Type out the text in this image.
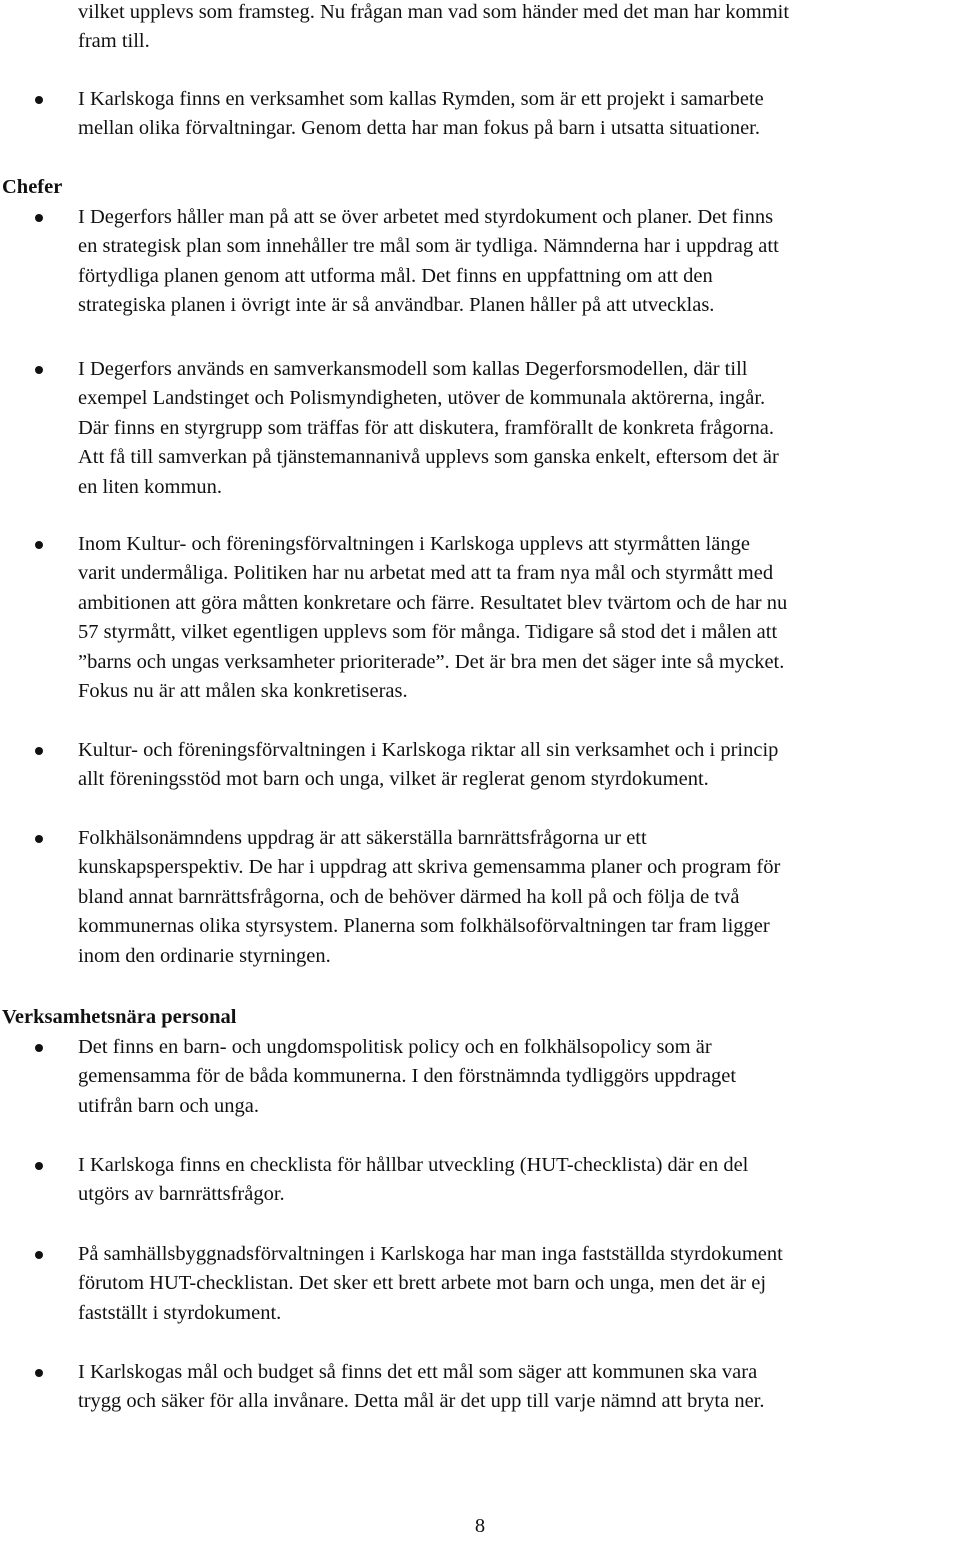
vilket upplevs som framsteg. Nu frågan man vad som händer med det man har kommit
fram till.
I Karlskoga finns en verksamhet som kallas Rymden, som är ett projekt i samarbete
mellan olika förvaltningar. Genom detta har man fokus på barn i utsatta situationer.
Chefer
I Degerfors håller man på att se över arbetet med styrdokument och planer. Det finns
en strategisk plan som innehåller tre mål som är tydliga. Nämnderna har i uppdrag att
förtydliga planen genom att utforma mål. Det finns en uppfattning om att den
strategiska planen i övrigt inte är så användbar. Planen håller på att utvecklas.
I Degerfors används en samverkansmodell som kallas Degerforsmodellen, där till
exempel Landstinget och Polismyndigheten, utöver de kommunala aktörerna, ingår.
Där finns en styrgrupp som träffas för att diskutera, framförallt de konkreta frågorna.
Att få till samverkan på tjänstemannanivå upplevs som ganska enkelt, eftersom det är
en liten kommun.
Inom Kultur- och föreningsförvaltningen i Karlskoga upplevs att styrmåtten länge
varit undermåliga. Politiken har nu arbetat med att ta fram nya mål och styrmått med
ambitionen att göra måtten konkretare och färre. Resultatet blev tvärtom och de har nu
57 styrmått, vilket egentligen upplevs som för många. Tidigare så stod det i målen att
”barns och ungas verksamheter prioriterade”. Det är bra men det säger inte så mycket.
Fokus nu är att målen ska konkretiseras.
Kultur- och föreningsförvaltningen i Karlskoga riktar all sin verksamhet och i princip
allt föreningsstöd mot barn och unga, vilket är reglerat genom styrdokument.
Folkhälsonämndens uppdrag är att säkerställa barnrättsfrågorna ur ett
kunskapsperspektiv. De har i uppdrag att skriva gemensamma planer och program för
bland annat barnrättsfrågorna, och de behöver därmed ha koll på och följa de två
kommunernas olika styrsystem. Planerna som folkhälsoförvaltningen tar fram ligger
inom den ordinarie styrningen.
Verksamhetsnära personal
Det finns en barn- och ungdomspolitisk policy och en folkhälsopolicy som är
gemensamma för de båda kommunerna. I den förstnämnda tydliggörs uppdraget
utifrån barn och unga.
I Karlskoga finns en checklista för hållbar utveckling (HUT-checklista) där en del
utgörs av barnrättsfrågor.
På samhällsbyggnadsförvaltningen i Karlskoga har man inga fastställda styrdokument
förutom HUT-checklistan. Det sker ett brett arbete mot barn och unga, men det är ej
fastställt i styrdokument.
I Karlskogas mål och budget så finns det ett mål som säger att kommunen ska vara
trygg och säker för alla invånare. Detta mål är det upp till varje nämnd att bryta ner.
8
